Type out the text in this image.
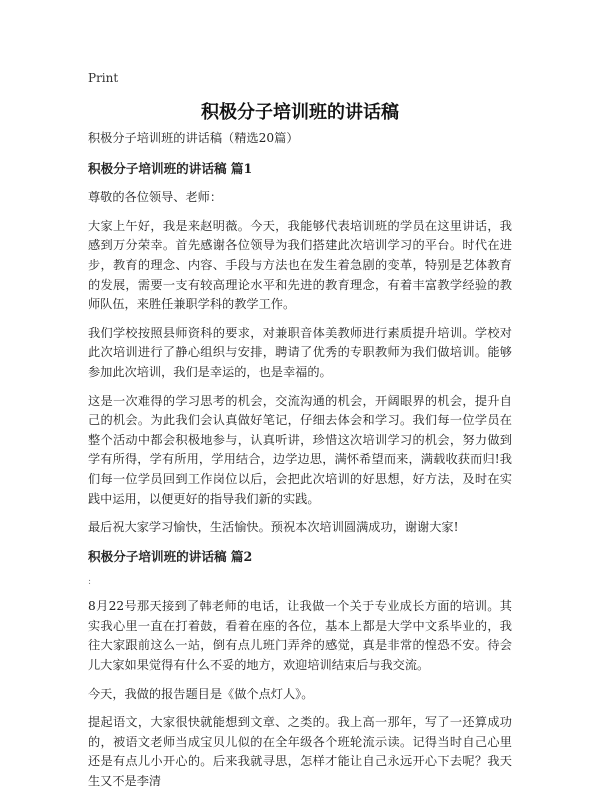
Print
积极分子培训班的讲话稿

积极分子培训班的讲话稿（精选20篇）

积极分子培训班的讲话稿 篇1

尊敬的各位领导、老师：

大家上午好，我是来赵明薇。今天，我能够代表培训班的学员在这里讲话，我感到万分荣幸。首先感谢各位领导为我们搭建此次培训学习的平台。时代在进步，教育的理念、内容、手段与方法也在发生着急剧的变革，特别是艺体教育的发展，需要一支有较高理论水平和先进的教育理念，有着丰富教学经验的教师队伍，来胜任兼职学科的教学工作。

我们学校按照县师资科的要求，对兼职音体美教师进行素质提升培训。学校对此次培训进行了静心组织与安排，聘请了优秀的专职教师为我们做培训。能够参加此次培训，我们是幸运的，也是幸福的。

这是一次难得的学习思考的机会，交流沟通的机会，开阔眼界的机会，提升自己的机会。为此我们会认真做好笔记，仔细去体会和学习。我们每一位学员在整个活动中都会积极地参与，认真听讲，珍惜这次培训学习的机会，努力做到学有所得，学有所用，学用结合，边学边思，满怀希望而来，满载收获而归!我们每一位学员回到工作岗位以后，会把此次培训的好思想，好方法，及时在实践中运用，以便更好的指导我们新的实践。

最后祝大家学习愉快，生活愉快。预祝本次培训圆满成功，谢谢大家!

积极分子培训班的讲话稿 篇2

:

8月22号那天接到了韩老师的电话，让我做一个关于专业成长方面的培训。其实我心里一直在打着鼓，看着在座的各位，基本上都是大学中文系毕业的，我往大家跟前这么一站，倒有点儿班门弄斧的感觉，真是非常的惶恐不安。待会儿大家如果觉得有什么不妥的地方，欢迎培训结束后与我交流。

今天，我做的报告题目是《做个点灯人》。

提起语文，大家很快就能想到文章、之类的。我上高一那年，写了一还算成功的，被语文老师当成宝贝儿似的在全年级各个班轮流示读。记得当时自己心里还是有点儿小开心的。后来我就寻思，怎样才能让自己永远开心下去呢？我天生又不是李清
